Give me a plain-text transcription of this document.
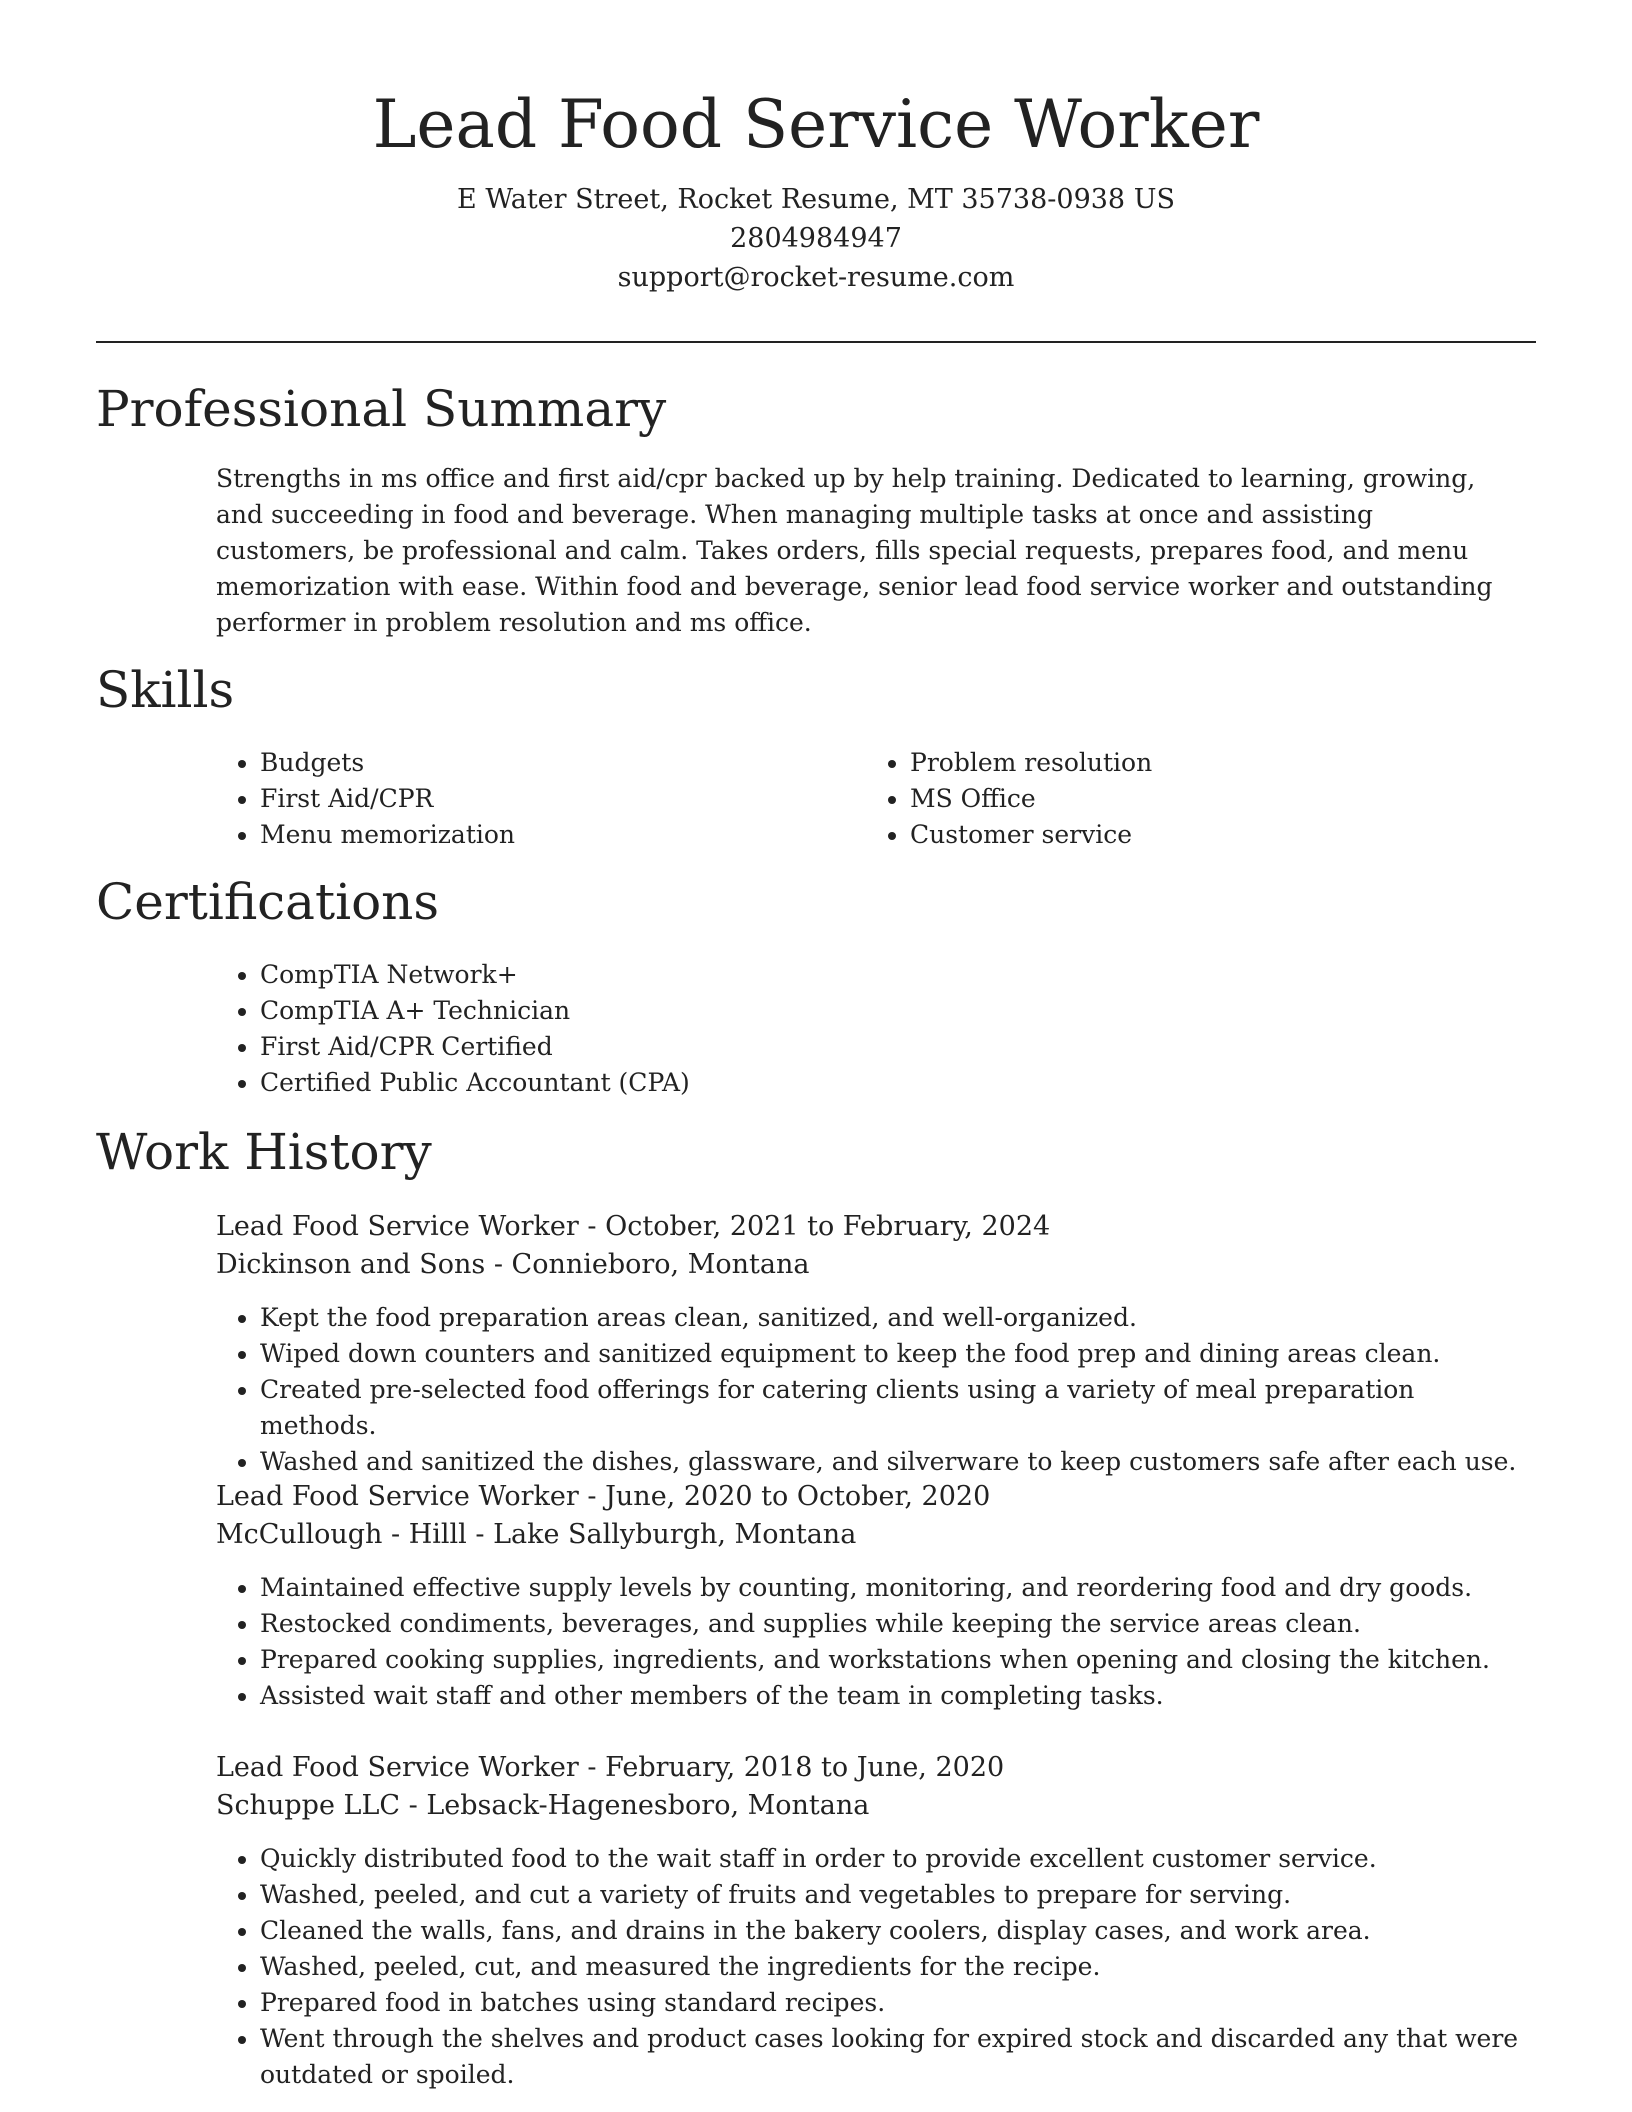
Lead Food Service Worker
E Water Street, Rocket Resume, MT 35738-0938 US
2804984947
support@rocket-resume.com
Professional Summary

Strengths in ms office and first aid/cpr backed up by help training. Dedicated to learning, growing, and succeeding in food and beverage. When managing multiple tasks at once and assisting customers, be professional and calm. Takes orders, fills special requests, prepares food, and menu memorization with ease. Within food and beverage, senior lead food service worker and outstanding performer in problem resolution and ms office.

Skills
• Budgets
• First Aid/CPR
• Menu memorization
• Problem resolution
• MS Office
• Customer service
Certifications
• CompTIA Network+
• CompTIA A+ Technician
• First Aid/CPR Certified
• Certified Public Accountant (CPA)
Work History
Lead Food Service Worker - October, 2021 to February, 2024
Dickinson and Sons - Connieboro, Montana
• Kept the food preparation areas clean, sanitized, and well-organized.
• Wiped down counters and sanitized equipment to keep the food prep and dining areas clean.
• Created pre-selected food offerings for catering clients using a variety of meal preparation methods.
• Washed and sanitized the dishes, glassware, and silverware to keep customers safe after each use.
Lead Food Service Worker - June, 2020 to October, 2020
McCullough - Hilll - Lake Sallyburgh, Montana
• Maintained effective supply levels by counting, monitoring, and reordering food and dry goods.
• Restocked condiments, beverages, and supplies while keeping the service areas clean.
• Prepared cooking supplies, ingredients, and workstations when opening and closing the kitchen.
• Assisted wait staff and other members of the team in completing tasks.
Lead Food Service Worker - February, 2018 to June, 2020
Schuppe LLC - Lebsack-Hagenesboro, Montana
• Quickly distributed food to the wait staff in order to provide excellent customer service.
• Washed, peeled, and cut a variety of fruits and vegetables to prepare for serving.
• Cleaned the walls, fans, and drains in the bakery coolers, display cases, and work area.
• Washed, peeled, cut, and measured the ingredients for the recipe.
• Prepared food in batches using standard recipes.
• Went through the shelves and product cases looking for expired stock and discarded any that were outdated or spoiled.
